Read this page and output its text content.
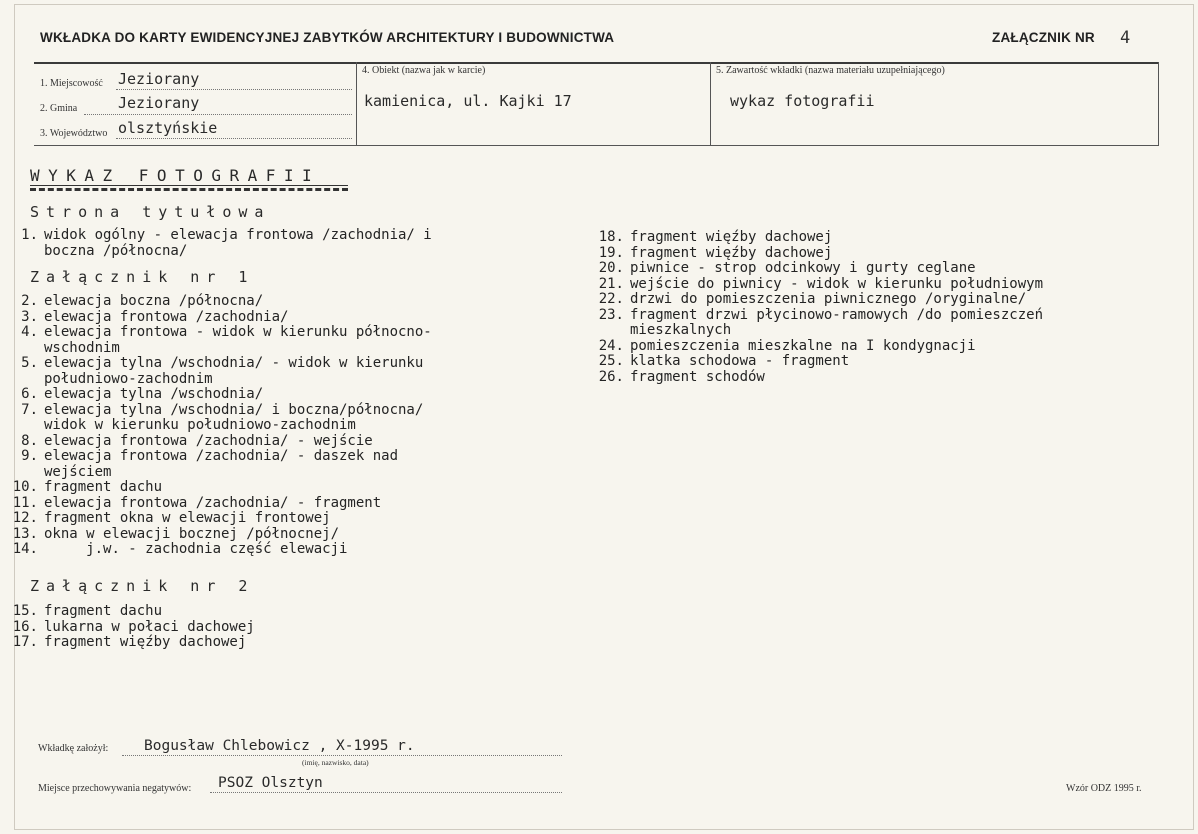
WKŁADKA DO KARTY EWIDENCYJNEJ ZABYTKÓW ARCHITEKTURY I BUDOWNICTWA	ZAŁĄCZNIK NR 4
1. Miejscowość Jeziorany
2. Gmina	Jeziorany
3. Województwo olsztyńskie
4. Obiekt (nazwa jak w karcie)
kamienica, ul. Kajki 17
5. Zawartość wkładki (nazwa materiału uzupełniającego)
wykaz fotografii
WYKAZ FOTOGRAFII
Strona tytułowa
1. widok ogólny - elewacja frontowa /zachodnia/ i
boczna /północna/
Załącznik nr 1
2. elewacja boczna /północna/
3. elewacja frontowa /zachodnia/
4. elewacja frontowa - widok w kierunku północno-
wschodnim
5. elewacja tylna /wschodnia/ - widok w kierunku
południowo-zachodnim
6. elewacja tylna /wschodnia/
7. elewacja tylna /wschodnia/ i boczna/północna/
widok w kierunku południowo-zachodnim
8. elewacja frontowa /zachodnia/ - wejście
9. elewacja frontowa /zachodnia/ - daszek nad
wejściem
10. fragment dachu
11. elewacja frontowa /zachodnia/ - fragment
12. fragment okna w elewacji frontowej
13. okna w elewacji bocznej /północnej/
14. j.w. - zachodnia część elewacji
Załącznik nr 2
15. fragment dachu
16. lukarna w połaci dachowej
17. fragment więźby dachowej
18. fragment więźby dachowej
19. fragment więźby dachowej
20. piwnice - strop odcinkowy i gurty ceglane
21. wejście do piwnicy - widok w kierunku południowym
22. drzwi do pomieszczenia piwnicznego /oryginalne/
23. fragment drzwi płycinowo-ramowych /do pomieszczeń
mieszkalnych
24. pomieszczenia mieszkalne na I kondygnacji
25. klatka schodowa - fragment
26. fragment schodów
Wkładkę założył: Bogusław Chlebowicz , X-1995 r.
(imię, nazwisko, data)
Miejsce przechowywania negatywów: PSOZ Olsztyn	Wzór ODZ 1995 r.
